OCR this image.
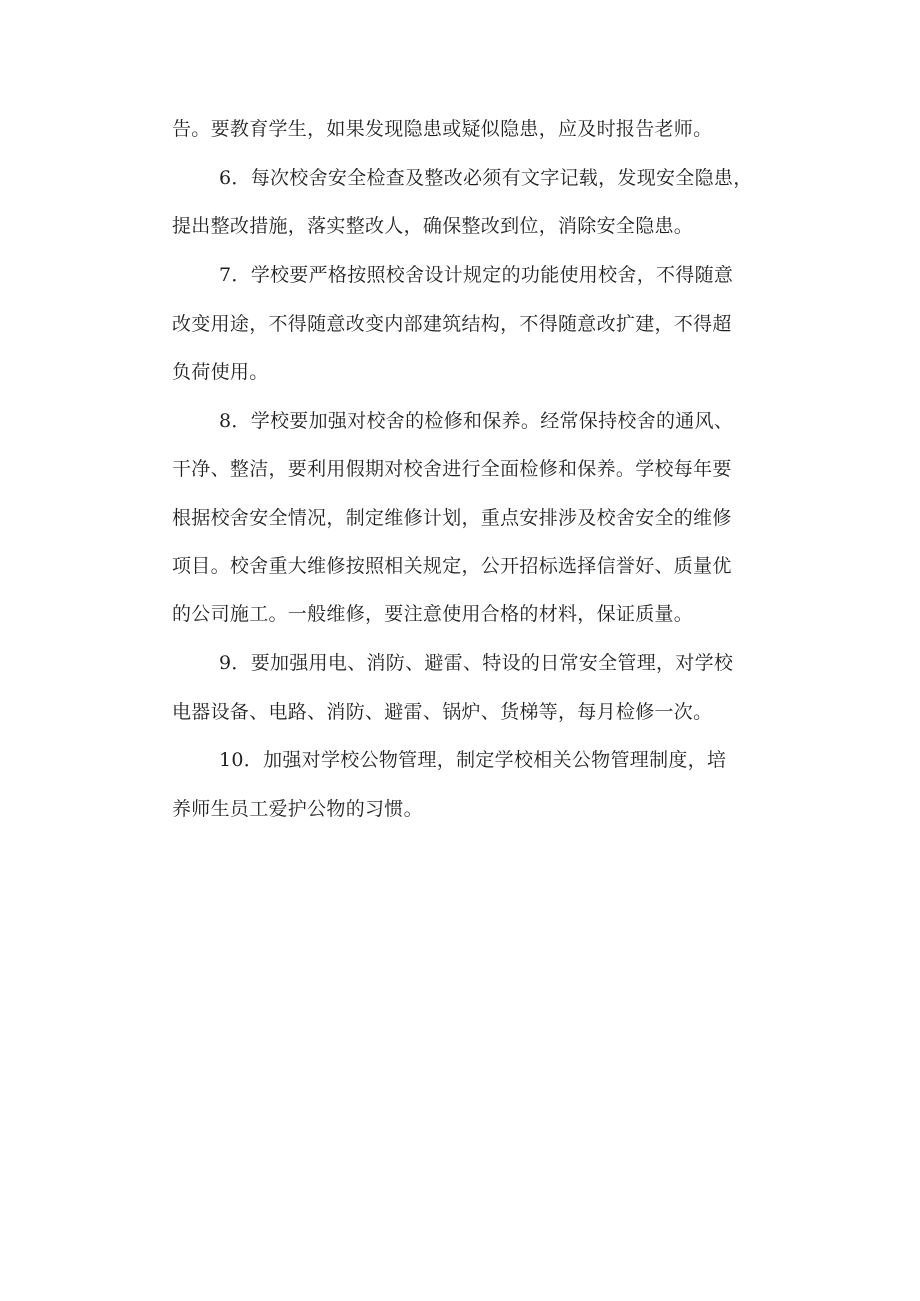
告。要教育学生，如果发现隐患或疑似隐患，应及时报告老师。
6．每次校舍安全检查及整改必须有文字记载，发现安全隐患，
提出整改措施，落实整改人，确保整改到位，消除安全隐患。
7．学校要严格按照校舍设计规定的功能使用校舍，不得随意
改变用途，不得随意改变内部建筑结构，不得随意改扩建，不得超
负荷使用。
8．学校要加强对校舍的检修和保养。经常保持校舍的通风、
干净、整洁，要利用假期对校舍进行全面检修和保养。学校每年要
根据校舍安全情况，制定维修计划，重点安排涉及校舍安全的维修
项目。校舍重大维修按照相关规定，公开招标选择信誉好、质量优
的公司施工。一般维修，要注意使用合格的材料，保证质量。
9．要加强用电、消防、避雷、特设的日常安全管理，对学校
电器设备、电路、消防、避雷、锅炉、货梯等，每月检修一次。
10．加强对学校公物管理，制定学校相关公物管理制度，培
养师生员工爱护公物的习惯。
